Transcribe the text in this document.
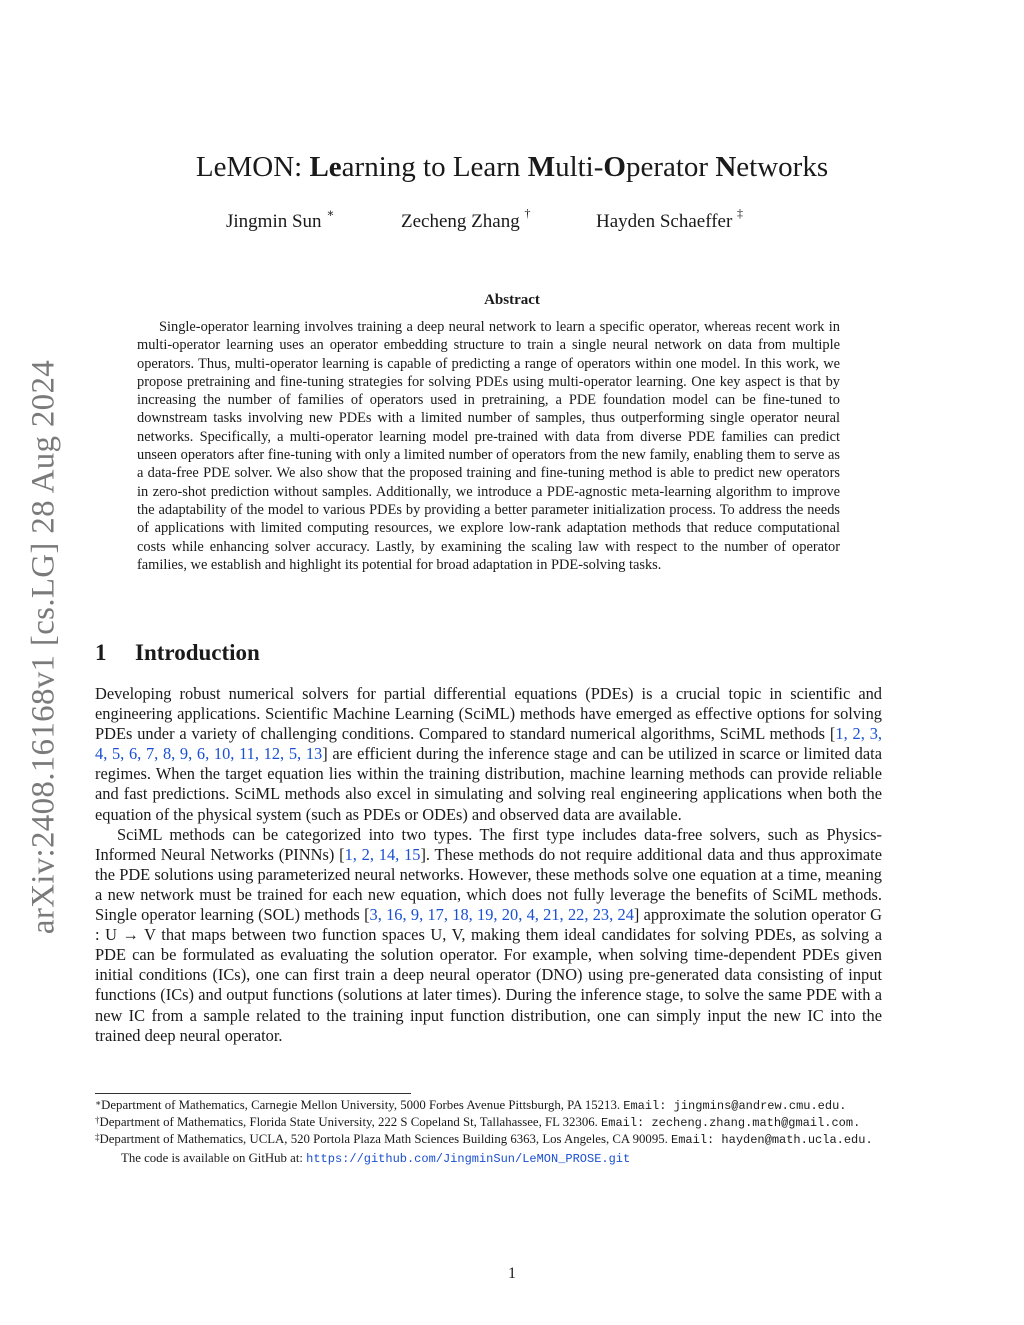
arXiv:2408.16168v1 [cs.LG] 28 Aug 2024
LeMON: Learning to Learn Multi-Operator Networks
Jingmin Sun ∗	Zecheng Zhang †	Hayden Schaeffer ‡
Abstract
Single-operator learning involves training a deep neural network to learn a specific operator, whereas recent work in multi-operator learning uses an operator embedding structure to train a single neural network on data from multiple operators. Thus, multi-operator learning is capable of predicting a range of operators within one model. In this work, we propose pretraining and fine-tuning strategies for solving PDEs using multi-operator learning. One key aspect is that by increasing the number of families of operators used in pretraining, a PDE foundation model can be fine-tuned to downstream tasks involving new PDEs with a limited number of samples, thus outperforming single operator neural networks. Specifically, a multi-operator learning model pre-trained with data from diverse PDE families can predict unseen operators after fine-tuning with only a limited number of operators from the new family, enabling them to serve as a data-free PDE solver. We also show that the proposed training and fine-tuning method is able to predict new operators in zero-shot prediction without samples. Additionally, we introduce a PDE-agnostic meta-learning algorithm to improve the adaptability of the model to various PDEs by providing a better parameter initialization process. To address the needs of applications with limited computing resources, we explore low-rank adaptation methods that reduce computational costs while enhancing solver accuracy. Lastly, by examining the scaling law with respect to the number of operator families, we establish and highlight its potential for broad adaptation in PDE-solving tasks.
1 Introduction

Developing robust numerical solvers for partial differential equations (PDEs) is a crucial topic in scientific and engineering applications. Scientific Machine Learning (SciML) methods have emerged as effective options for solving PDEs under a variety of challenging conditions. Compared to standard numerical algorithms, SciML methods [1, 2, 3, 4, 5, 6, 7, 8, 9, 6, 10, 11, 12, 5, 13] are efficient during the inference stage and can be utilized in scarce or limited data regimes. When the target equation lies within the training distribution, machine learning methods can provide reliable and fast predictions. SciML methods also excel in simulating and solving real engineering applications when both the equation of the physical system (such as PDEs or ODEs) and observed data are available.

SciML methods can be categorized into two types. The first type includes data-free solvers, such as Physics-Informed Neural Networks (PINNs) [1, 2, 14, 15]. These methods do not require additional data and thus approximate the PDE solutions using parameterized neural networks. However, these methods solve one equation at a time, meaning a new network must be trained for each new equation, which does not fully leverage the benefits of SciML methods. Single operator learning (SOL) methods [3, 16, 9, 17, 18, 19, 20, 4, 21, 22, 23, 24] approximate the solution operator G : U → V that maps between two function spaces U, V, making them ideal candidates for solving PDEs, as solving a PDE can be formulated as evaluating the solution operator. For example, when solving time-dependent PDEs given initial conditions (ICs), one can first train a deep neural operator (DNO) using pre-generated data consisting of input functions (ICs) and output functions (solutions at later times). During the inference stage, to solve the same PDE with a new IC from a sample related to the training input function distribution, one can simply input the new IC into the trained deep neural operator.

∗Department of Mathematics, Carnegie Mellon University, 5000 Forbes Avenue Pittsburgh, PA 15213. Email: jingmins@andrew.cmu.edu.

†Department of Mathematics, Florida State University, 222 S Copeland St, Tallahassee, FL 32306. Email: zecheng.zhang.math@gmail.com.

‡Department of Mathematics, UCLA, 520 Portola Plaza Math Sciences Building 6363, Los Angeles, CA 90095. Email: hayden@math.ucla.edu.

The code is available on GitHub at: https://github.com/JingminSun/LeMON_PROSE.git

1
